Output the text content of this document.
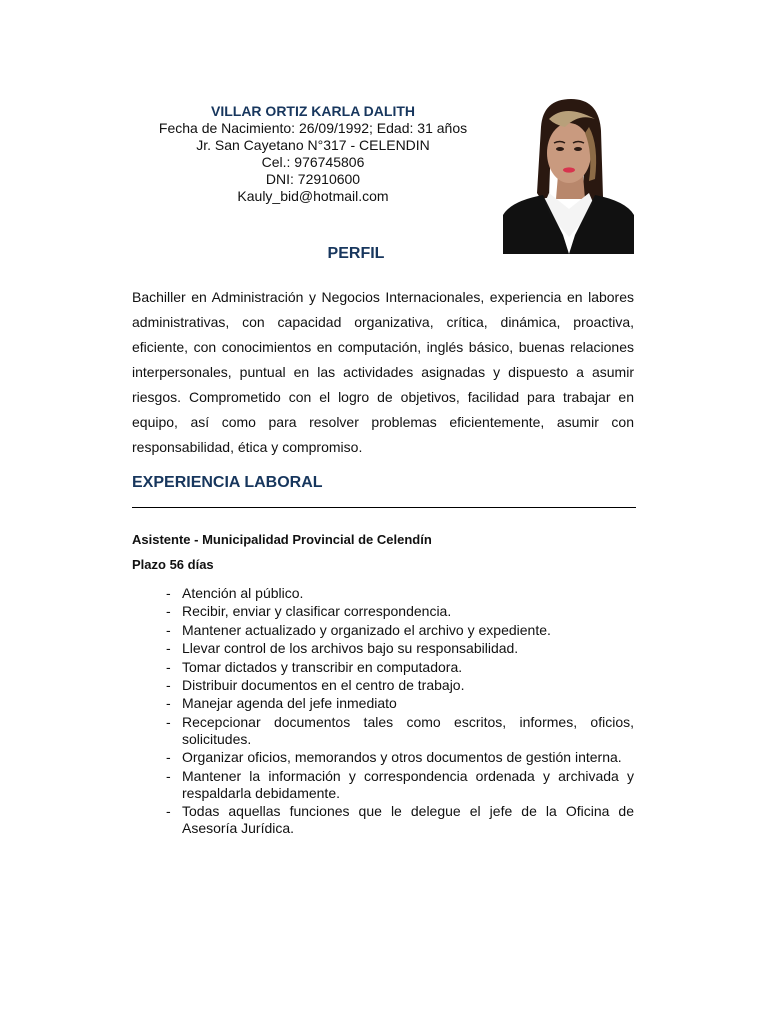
VILLAR ORTIZ KARLA DALITH
Fecha de Nacimiento: 26/09/1992; Edad: 31 años
Jr. San Cayetano N°317 - CELENDIN
Cel.: 976745806
DNI: 72910600
Kauly_bid@hotmail.com
PERFIL
Bachiller en Administración y Negocios Internacionales, experiencia en labores administrativas, con capacidad organizativa, crítica, dinámica, proactiva, eficiente, con conocimientos en computación, inglés básico, buenas relaciones interpersonales, puntual en las actividades asignadas y dispuesto a asumir riesgos. Comprometido con el logro de objetivos, facilidad para trabajar en equipo, así como para resolver problemas eficientemente, asumir con responsabilidad, ética y compromiso.
EXPERIENCIA LABORAL
Asistente - Municipalidad Provincial de Celendín
Plazo 56 días
- Atención al público.
- Recibir, enviar y clasificar correspondencia.
- Mantener actualizado y organizado el archivo y expediente.
- Llevar control de los archivos bajo su responsabilidad.
- Tomar dictados y transcribir en computadora.
- Distribuir documentos en el centro de trabajo.
- Manejar agenda del jefe inmediato
- Recepcionar documentos tales como escritos, informes, oficios, solicitudes.
- Organizar oficios, memorandos y otros documentos de gestión interna.
- Mantener la información y correspondencia ordenada y archivada y respaldarla debidamente.
- Todas aquellas funciones que le delegue el jefe de la Oficina de Asesoría Jurídica.
